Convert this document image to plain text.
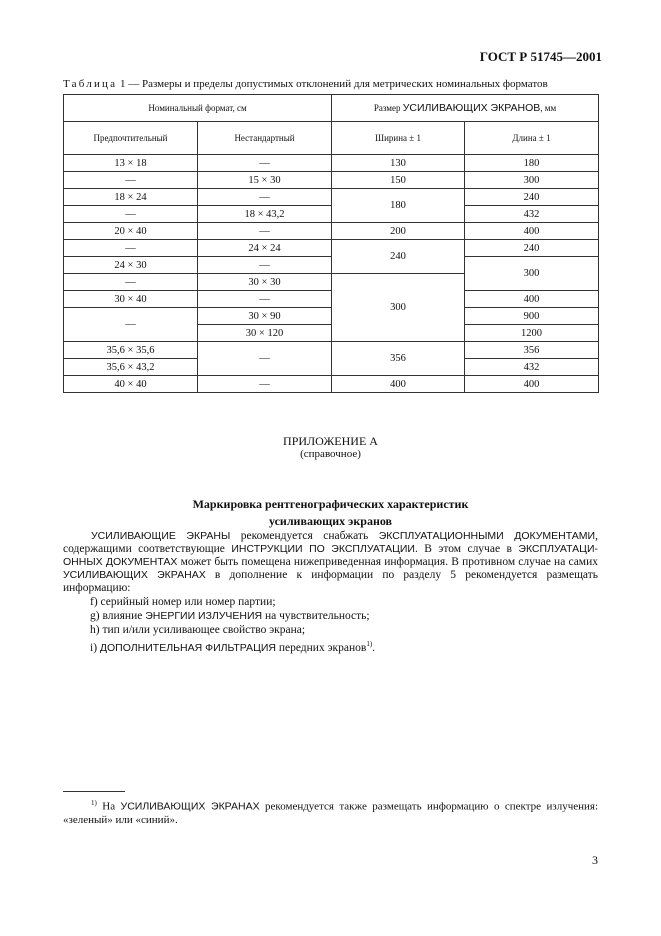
ГОСТ Р 51745—2001
Таблица 1 — Размеры и пределы допустимых отклонений для метрических номинальных форматов
Номинальный формат, см		Размер УСИЛИВАЮЩИХ ЭКРАНОВ, мм	
Предпочтительный	Нестандартный	Ширина ± 1	Длина ± 1
13 × 18	—	130	180
—	15 × 30	150	300
18 × 24	—	180	240
—	18 × 43,2		432
20 × 40	—	200	400
—	24 × 24	240	240
24 × 30	—		300
—	30 × 30	300	
30 × 40	—		400
—	30 × 90		900
	30 × 120		1200
35,6 × 35,6	—	356	356
35,6 × 43,2			432
40 × 40	—	400	400
ПРИЛОЖЕНИЕ А
(справочное)
Маркировка рентгенографических характеристик
усиливающих экранов
УСИЛИВАЮЩИЕ ЭКРАНЫ рекомендуется снабжать ЭКСПЛУАТАЦИОННЫМИ ДОКУМЕНТАМИ, содержащими соответствующие ИНСТРУКЦИИ ПО ЭКСПЛУАТАЦИИ. В этом случае в ЭКСПЛУАТАЦИ-ОННЫХ ДОКУМЕНТАХ может быть помещена нижеприведенная информация. В противном случае на самих УСИЛИВАЮЩИХ ЭКРАНАХ в дополнение к информации по разделу 5 рекомендуется размещать информацию:
f) серийный номер или номер партии;
g) влияние ЭНЕРГИИ ИЗЛУЧЕНИЯ на чувствительность;
h) тип и/или усиливающее свойство экрана;
i) ДОПОЛНИТЕЛЬНАЯ ФИЛЬТРАЦИЯ передних экранов$^{1)}$.
$^{1)}$ На УСИЛИВАЮЩИХ ЭКРАНАХ рекомендуется также размещать информацию о спектре излучения: «зеленый» или «синий».
3
